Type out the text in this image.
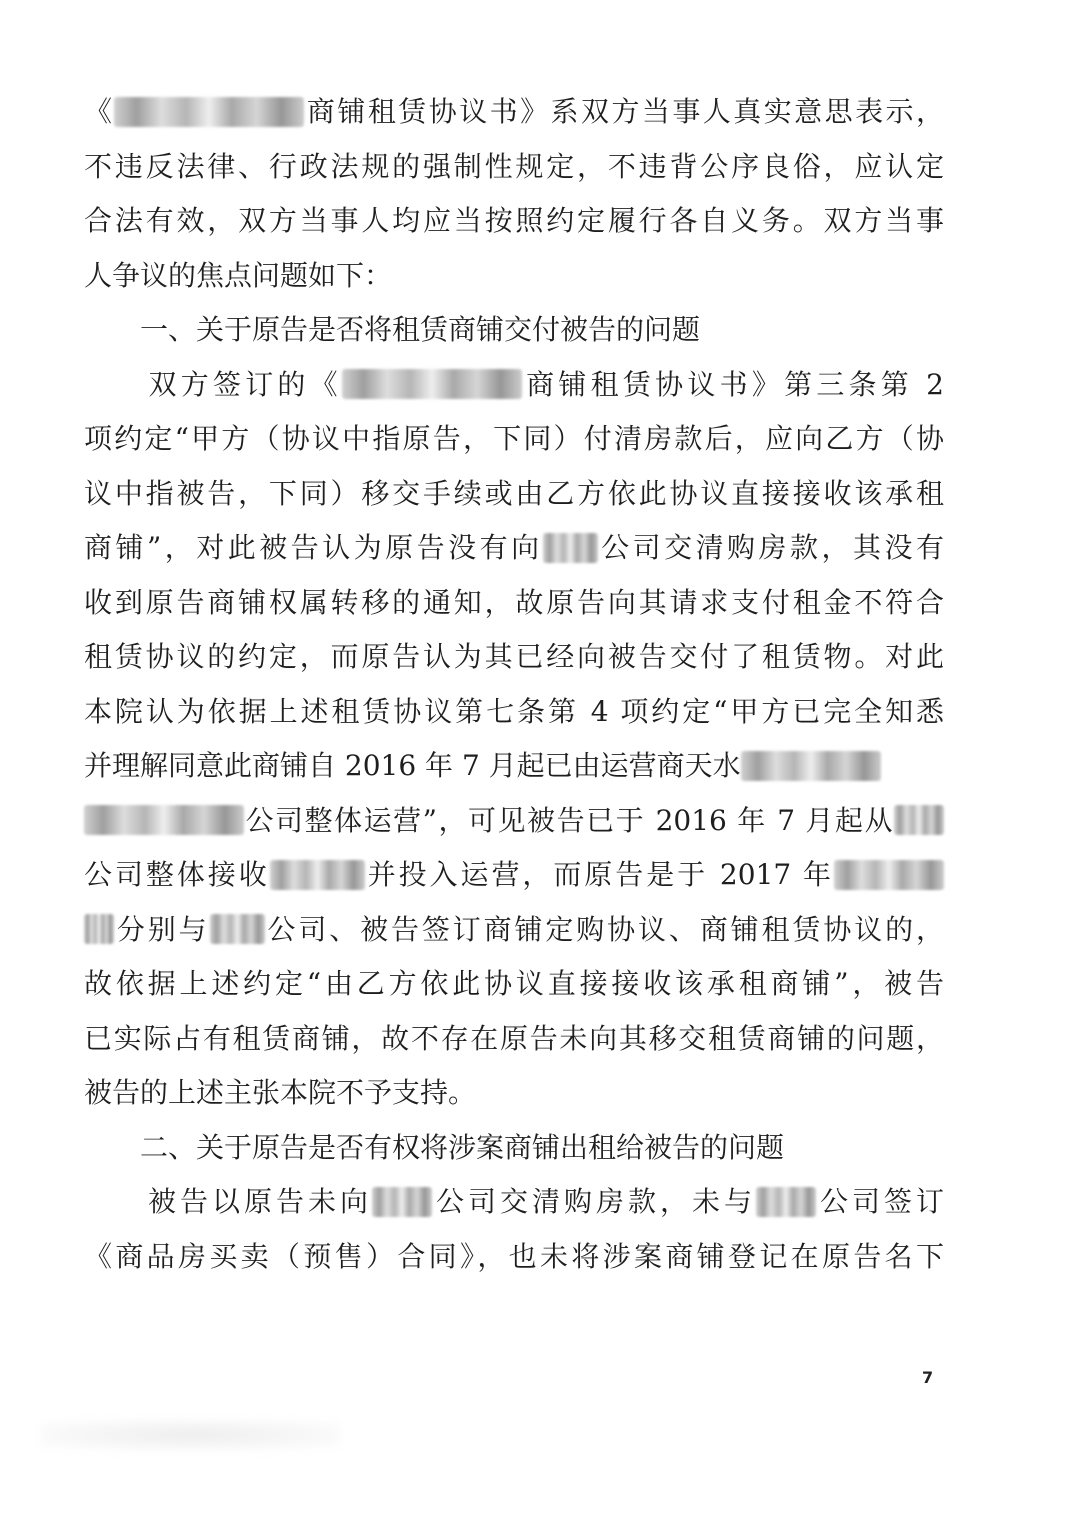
《	商铺租赁协议书》系双方当事人真实意思表示，
不违反法律、行政法规的强制性规定，不违背公序良俗，应认定
合法有效，双方当事人均应当按照约定履行各自义务。双方当事
人争议的焦点问题如下：
　　一、关于原告是否将租赁商铺交付被告的问题
　　双方签订的《	商铺租赁协议书》第三条第 2
项约定“甲方（协议中指原告，下同）付清房款后，应向乙方（协
议中指被告，下同）移交手续或由乙方依此协议直接接收该承租
商铺”，对此被告认为原告没有向 公司交清购房款，其没有
收到原告商铺权属转移的通知，故原告向其请求支付租金不符合
租赁协议的约定，而原告认为其已经向被告交付了租赁物。对此
本院认为依据上述租赁协议第七条第 4 项约定“甲方已完全知悉
并理解同意此商铺自 2016 年 7 月起已由运营商天水
公司整体运营”，可见被告已于 2016 年 7 月起从
公司整体接收	并投入运营，而原告是于 2017 年
分别与 公司、被告签订商铺定购协议、商铺租赁协议的，
故依据上述约定“由乙方依此协议直接接收该承租商铺”，被告
已实际占有租赁商铺，故不存在原告未向其移交租赁商铺的问题，
被告的上述主张本院不予支持。
　　二、关于原告是否有权将涉案商铺出租给被告的问题
　　被告以原告未向 公司交清购房款，未与 公司签订
《商品房买卖（预售）合同》，也未将涉案商铺登记在原告名下
7
